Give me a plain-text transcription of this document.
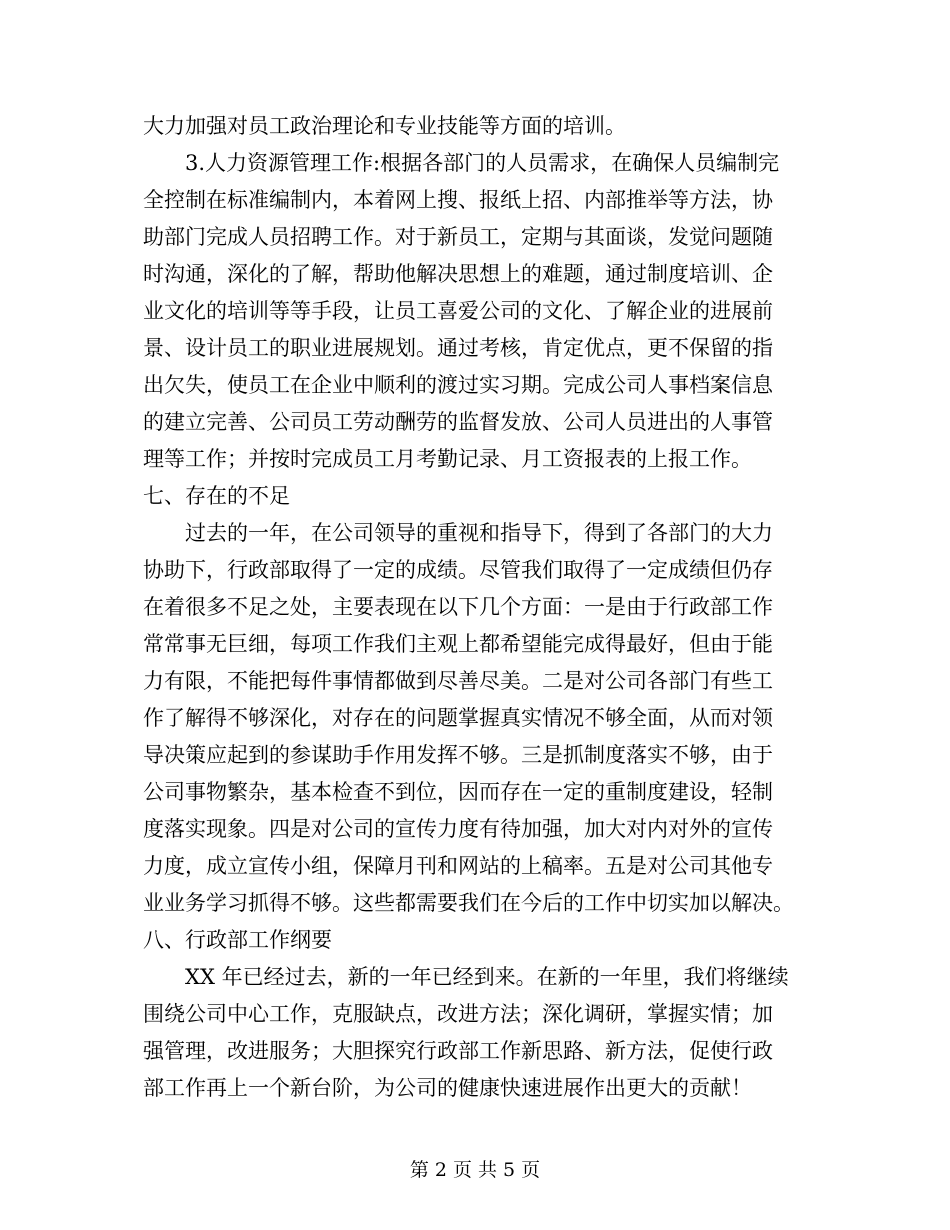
大力加强对员工政治理论和专业技能等方面的培训。

3.人力资源管理工作:根据各部门的人员需求，在确保人员编制完

全控制在标准编制内，本着网上搜、报纸上招、内部推举等方法，协

助部门完成人员招聘工作。对于新员工，定期与其面谈，发觉问题随

时沟通，深化的了解，帮助他解决思想上的难题，通过制度培训、企

业文化的培训等等手段，让员工喜爱公司的文化、了解企业的进展前

景、设计员工的职业进展规划。通过考核，肯定优点，更不保留的指

出欠失，使员工在企业中顺利的渡过实习期。完成公司人事档案信息

的建立完善、公司员工劳动酬劳的监督发放、公司人员进出的人事管

理等工作；并按时完成员工月考勤记录、月工资报表的上报工作。

七、存在的不足

过去的一年，在公司领导的重视和指导下，得到了各部门的大力

协助下，行政部取得了一定的成绩。尽管我们取得了一定成绩但仍存

在着很多不足之处，主要表现在以下几个方面：一是由于行政部工作

常常事无巨细，每项工作我们主观上都希望能完成得最好，但由于能

力有限，不能把每件事情都做到尽善尽美。二是对公司各部门有些工

作了解得不够深化，对存在的问题掌握真实情况不够全面，从而对领

导决策应起到的参谋助手作用发挥不够。三是抓制度落实不够，由于

公司事物繁杂，基本检查不到位，因而存在一定的重制度建设，轻制

度落实现象。四是对公司的宣传力度有待加强，加大对内对外的宣传

力度，成立宣传小组，保障月刊和网站的上稿率。五是对公司其他专

业业务学习抓得不够。这些都需要我们在今后的工作中切实加以解决。

八、行政部工作纲要

XX 年已经过去，新的一年已经到来。在新的一年里，我们将继续

围绕公司中心工作，克服缺点，改进方法；深化调研，掌握实情；加

强管理，改进服务；大胆探究行政部工作新思路、新方法，促使行政

部工作再上一个新台阶，为公司的健康快速进展作出更大的贡献！

第 2 页 共 5 页
